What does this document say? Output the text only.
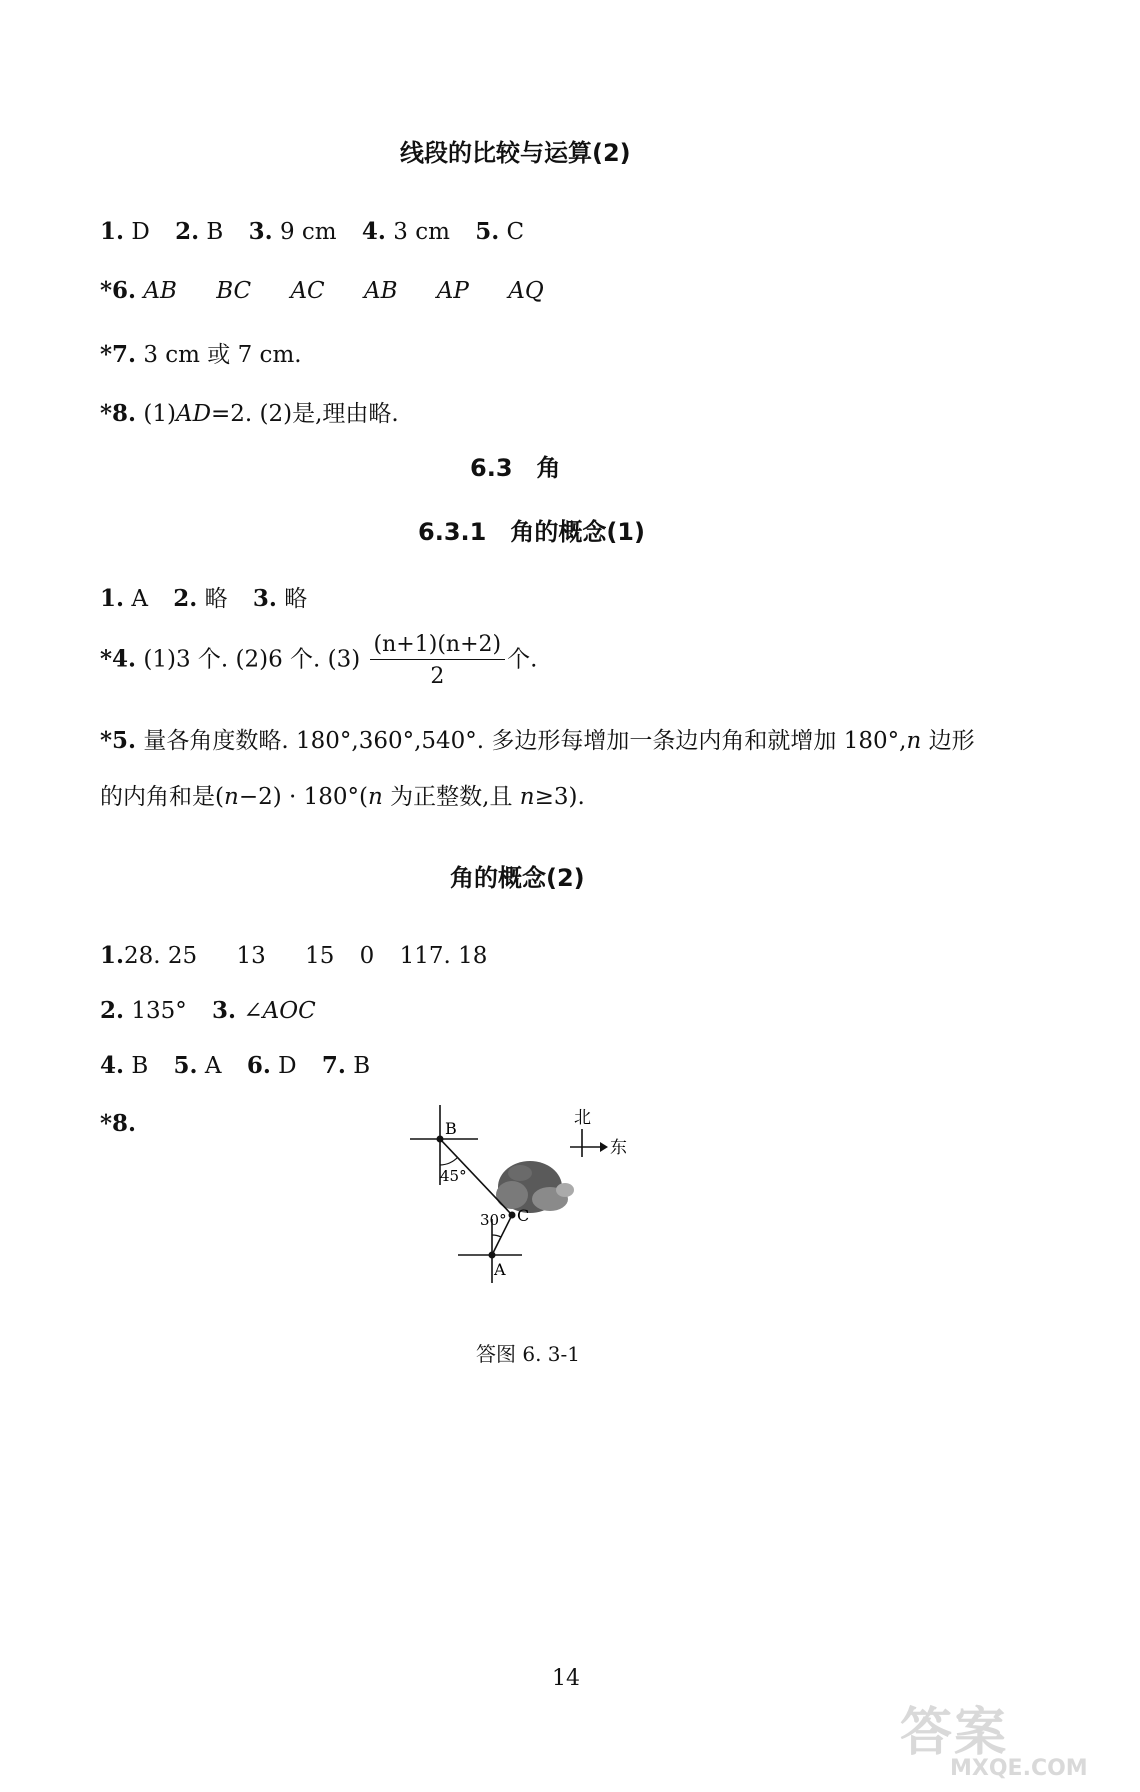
线段的比较与运算(2)
1. D 2. B 3. 9 cm 4. 3 cm 5. C
*6. AB BC AC AB AP AQ
*7. 3 cm 或 7 cm.
*8. (1)AD=2. (2)是,理由略.
6.3　角
6.3.1　角的概念(1)
1. A 2. 略 3. 略
*4. (1)3 个. (2)6 个. $(3) \frac{(n+1)(n+2)}{2}$ 个.
*5. 量各角度数略. 180°,360°,540°. 多边形每增加一条边内角和就增加 180°,n 边形
的内角和是(n−2) · 180°(n 为正整数,且 n≥3).
角的概念(2)
1.28. 25 13 15 0 117. 18
2. 135° 3. ∠AOC
4. B 5. A 6. D 7. B
*8.	B
45°
C
30°
A
北
东
答图 6. 3-1
14
答案
MXQE.COM
